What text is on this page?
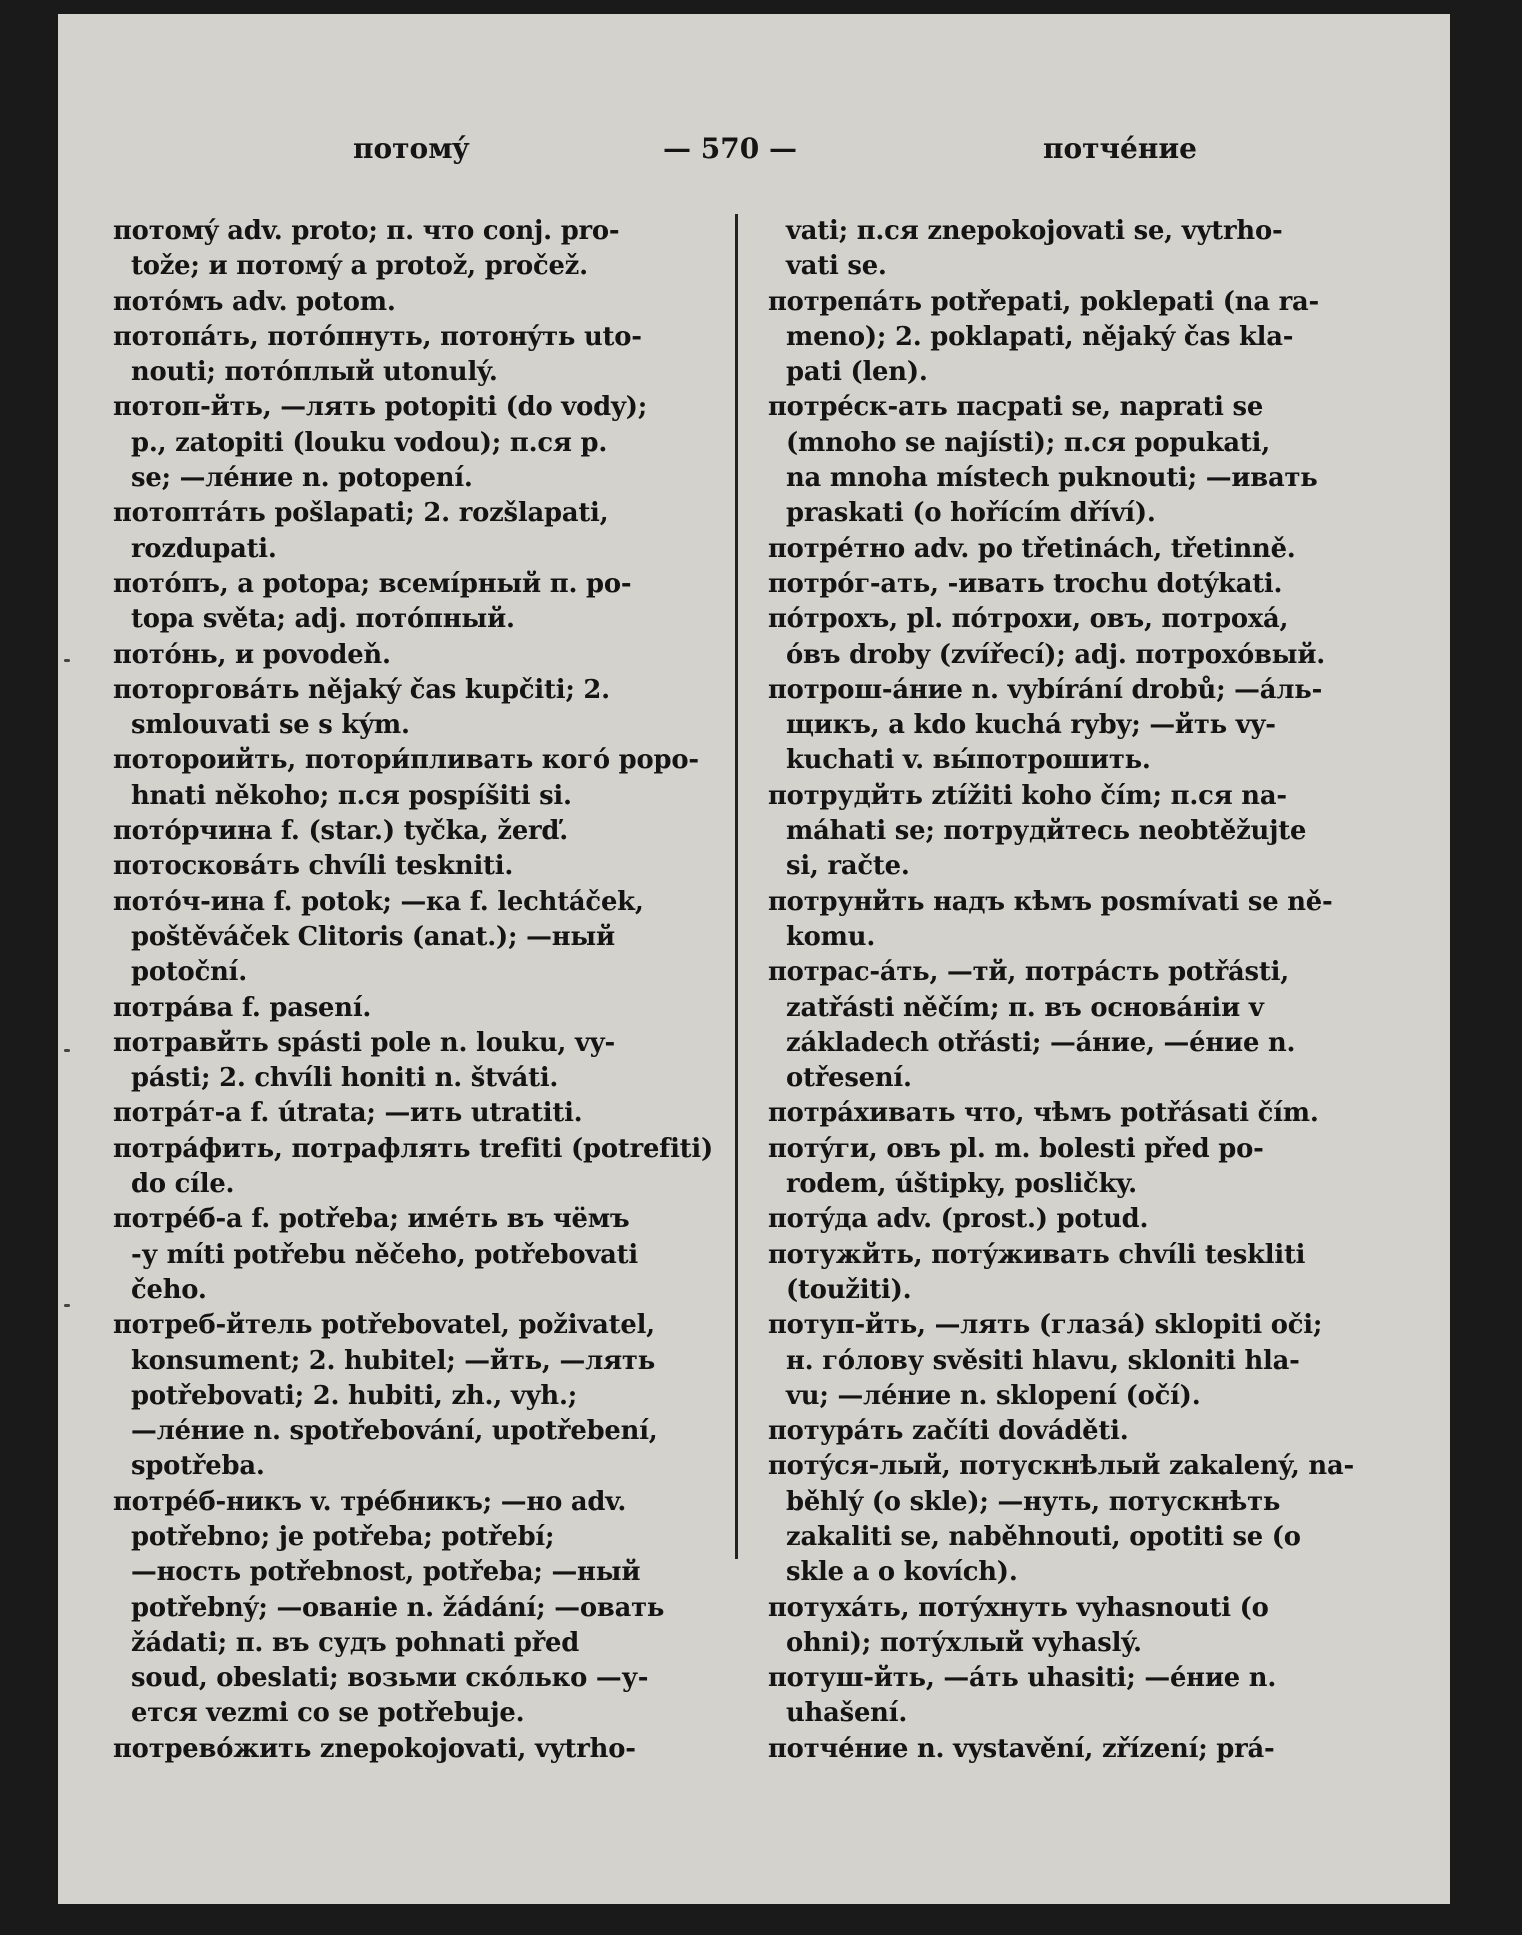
потомý	— 570 —	потчéние
потомý adv. proto; п. что conj. pro-
tože; и потомý a protož, pročež.
потóмъ adv. potom.
потопáть, потóпнуть, потонýть uto-
nouti; потóплый utonulý.
потоп-йть, —лять potopiti (do vody);
p., zatopiti (louku vodou); п.ся p.
se; —лéние n. potopení.
потоптáть pošlapati; 2. rozšlapati,
rozdupati.
потóпъ, a potopa; всемíрный п. po-
topa světa; adj. потóпный.
потóнь, и povodeň.
поторговáть nějaký čas kupčiti; 2.
smlouvati se s kým.
потороийть, потори́пливать когó popo-
hnati někoho; п.ся pospíšiti si.
потóрчина f. (star.) tyčka, žerď.
потосковáть chvíli teskniti.
потóч-ина f. potok; —ка f. lechtáček,
poštěváček Clitoris (anat.); —ный
potoční.
потрáва f. pasení.
потравйть spásti pole n. louku, vy-
pásti; 2. chvíli honiti n. štváti.
потрáт-a f. útrata; —ить utratiti.
потрáфить, потрафлять trefiti (potrefiti)
do cíle.
потрéб-а f. potřeba; имéть въ чёмъ
-у míti potřebu něčeho, potřebovati
čeho.
потреб-йтель potřebovatel, poživatel,
konsument; 2. hubitel; —йть, —лять
potřebovati; 2. hubiti, zh., vyh.;
—лéние n. spotřebování, upotřebení,
spotřeba.
потрéб-никъ v. трéбникъ; —но adv.
potřebno; je potřeba; potřebí;
—ность potřebnost, potřeba; —ный
potřebný; —ованіе n. žádání; —овать
žádati; п. въ судъ pohnati před
soud, obeslati; возьми скóлько —у-
ется vezmi co se potřebuje.
потревóжить znepokojovati, vytrho-
vati; п.ся znepokojovati se, vytrho-
vati se.
потрепáть potřepati, poklepati (na ra-
meno); 2. poklapati, nějaký čas kla-
pati (len).
потрéск-ать пасpati se, naprati se
(mnoho se najísti); п.ся popukati,
na mnoha místech puknouti; —ивать
praskati (o hořícím dříví).
потрéтно adv. po třetinách, třetinně.
потрóг-ать, -ивать trochu dotýkati.
пóтрохъ, pl. пóтрохи, овъ, потрохá,
óвъ droby (zvířecí); adj. потрохóвый.
потрош-áние n. vybírání drobů; —áль-
щикъ, a kdo kuchá ryby; —йть vy-
kuchati v. вы́потрошить.
потрудйть ztížiti koho čím; п.ся na-
máhati se; потрудйтесь neobtěžujte
si, račte.
потрунйть надъ кѣмъ posmívati se ně-
komu.
потрас-áть, —тй, потрáсть potřásti,
zatřásti něčím; п. въ основáніи v
základech otřásti; —áние, —éние n.
otřesení.
потрáхивать что, чѣмъ potřásati čím.
потýги, овъ pl. m. bolesti před po-
rodem, úštipky, posličky.
потýда adv. (prost.) potud.
потужйть, потýживать chvíli teskliti
(toužiti).
потуп-йть, —лять (глазá) sklopiti oči;
н. гóлову svěsiti hlavu, skloniti hla-
vu; —лéние n. sklopení (očí).
потурáть začíti dováděti.
потýся-лый, потускнѣлый zakalený, na-
běhlý (o skle); —нуть, потускнѣть
zakaliti se, naběhnouti, opotiti se (o
skle a o kovích).
потухáть, потýхнуть vyhasnouti (o
ohni); потýхлый vyhaslý.
потуш-йть, —áть uhasiti; —éние n.
uhašení.
потчéние n. vystavění, zřízení; prá-
